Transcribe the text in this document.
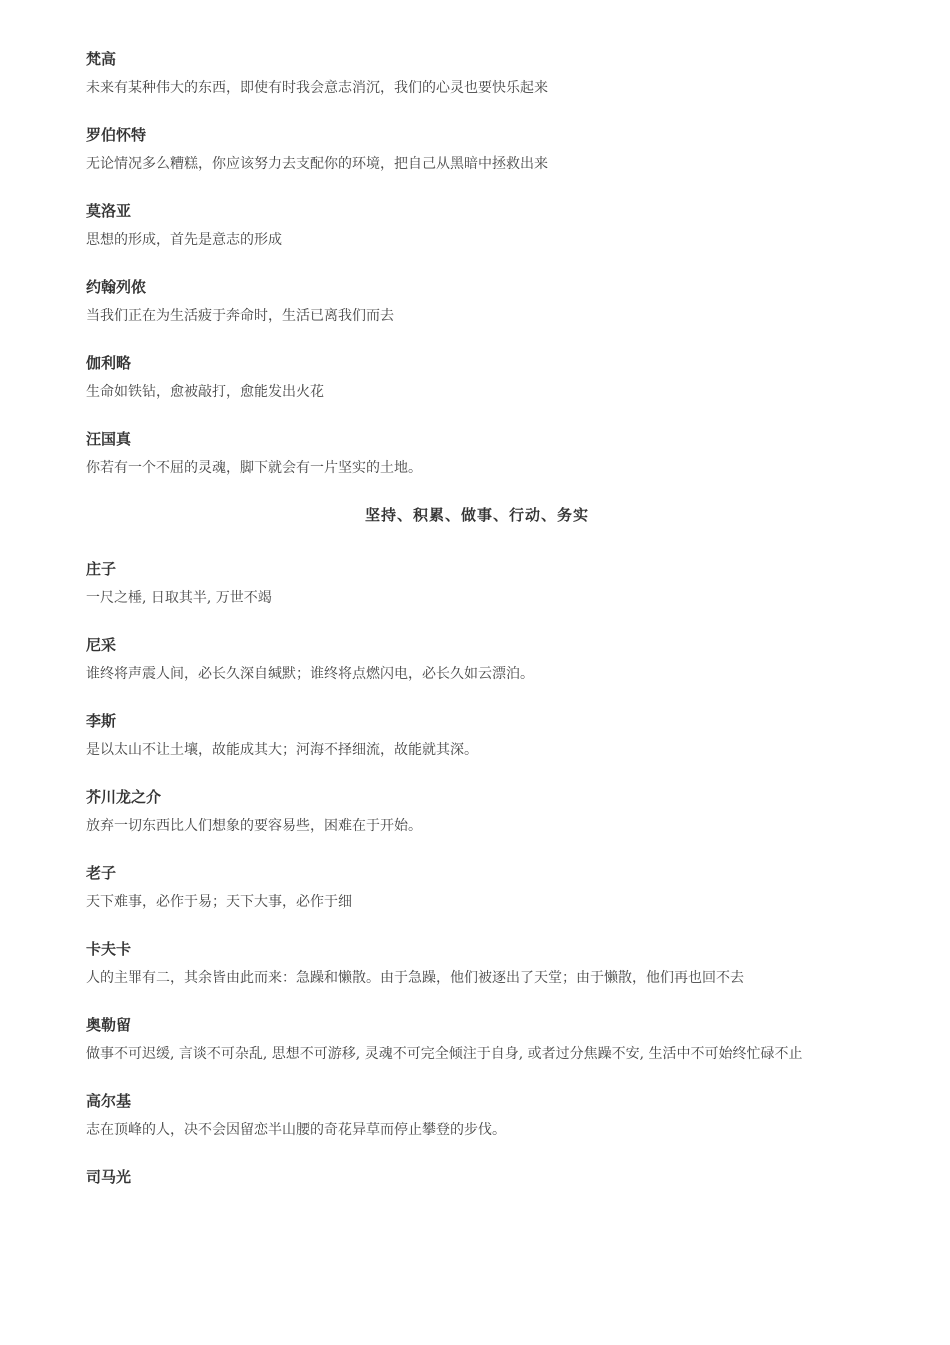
梵高
未来有某种伟大的东西，即使有时我会意志消沉，我们的心灵也要快乐起来
罗伯怀特
无论情况多么糟糕，你应该努力去支配你的环境，把自己从黑暗中拯救出来
莫洛亚
思想的形成，首先是意志的形成
约翰列侬
当我们正在为生活疲于奔命时，生活已离我们而去
伽利略
生命如铁钻，愈被敲打，愈能发出火花
汪国真
你若有一个不屈的灵魂，脚下就会有一片坚实的土地。
坚持、积累、做事、行动、务实
庄子
一尺之棰, 日取其半, 万世不竭
尼采
谁终将声震人间，必长久深自缄默；谁终将点燃闪电，必长久如云漂泊。
李斯
是以太山不让土壤，故能成其大；河海不择细流，故能就其深。
芥川龙之介
放弃一切东西比人们想象的要容易些，困难在于开始。
老子
天下难事，必作于易；天下大事，必作于细
卡夫卡
人的主罪有二，其余皆由此而来：急躁和懒散。由于急躁，他们被逐出了天堂；由于懒散，他们再也回不去
奥勒留
做事不可迟缓, 言谈不可杂乱, 思想不可游移, 灵魂不可完全倾注于自身, 或者过分焦躁不安, 生活中不可始终忙碌不止
高尔基
志在顶峰的人，决不会因留恋半山腰的奇花异草而停止攀登的步伐。
司马光
